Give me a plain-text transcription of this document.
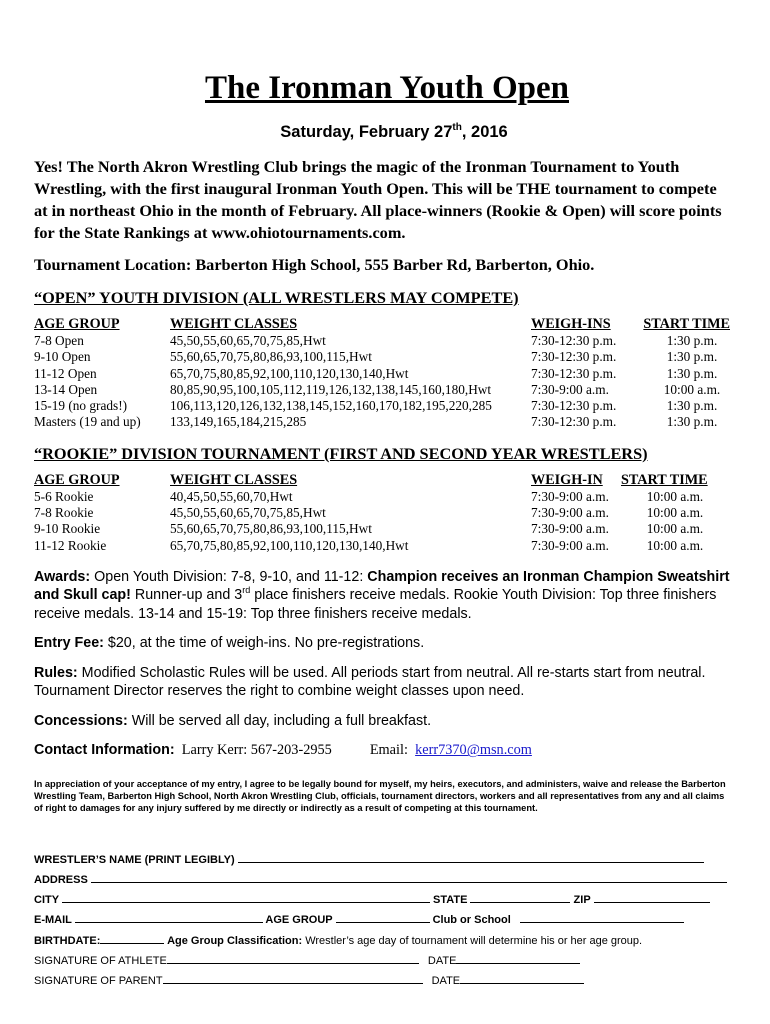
The Ironman Youth Open
Saturday, February 27th, 2016
Yes! The North Akron Wrestling Club brings the magic of the Ironman Tournament to Youth Wrestling, with the first inaugural Ironman Youth Open. This will be THE tournament to compete at in northeast Ohio in the month of February. All place-winners (Rookie & Open) will score points for the State Rankings at www.ohiotournaments.com.
Tournament Location: Barberton High School, 555 Barber Rd, Barberton, Ohio.
“OPEN” YOUTH DIVISION (ALL WRESTLERS MAY COMPETE)
AGE GROUP	WEIGHT CLASSES	WEIGH-INS	START TIME
7-8 Open	45,50,55,60,65,70,75,85,Hwt	7:30-12:30 p.m.	1:30 p.m.
9-10 Open	55,60,65,70,75,80,86,93,100,115,Hwt	7:30-12:30 p.m.	1:30 p.m.
11-12 Open	65,70,75,80,85,92,100,110,120,130,140,Hwt	7:30-12:30 p.m.	1:30 p.m.
13-14 Open	80,85,90,95,100,105,112,119,126,132,138,145,160,180,Hwt	7:30-9:00 a.m.	10:00 a.m.
15-19 (no grads!)	106,113,120,126,132,138,145,152,160,170,182,195,220,285	7:30-12:30 p.m.	1:30 p.m.
Masters (19 and up)	133,149,165,184,215,285	7:30-12:30 p.m.	1:30 p.m.
“ROOKIE” DIVISION TOURNAMENT (FIRST AND SECOND YEAR WRESTLERS)
AGE GROUP	WEIGHT CLASSES	WEIGH-IN	START TIME
5-6 Rookie	40,45,50,55,60,70,Hwt	7:30-9:00 a.m.	10:00 a.m.
7-8 Rookie	45,50,55,60,65,70,75,85,Hwt	7:30-9:00 a.m.	10:00 a.m.
9-10 Rookie	55,60,65,70,75,80,86,93,100,115,Hwt	7:30-9:00 a.m.	10:00 a.m.
11-12 Rookie	65,70,75,80,85,92,100,110,120,130,140,Hwt	7:30-9:00 a.m.	10:00 a.m.
Awards: Open Youth Division: 7-8, 9-10, and 11-12: Champion receives an Ironman Champion Sweatshirt and Skull cap! Runner-up and 3rd place finishers receive medals. Rookie Youth Division: Top three finishers receive medals. 13-14 and 15-19: Top three finishers receive medals.
Entry Fee: $20, at the time of weigh-ins. No pre-registrations.
Rules: Modified Scholastic Rules will be used. All periods start from neutral. All re-starts start from neutral. Tournament Director reserves the right to combine weight classes upon need.
Concessions: Will be served all day, including a full breakfast.
Contact Information: Larry Kerr: 567-203-2955	Email: kerr7370@msn.com
In appreciation of your acceptance of my entry, I agree to be legally bound for myself, my heirs, executors, and administers, waive and release the Barberton Wrestling Team, Barberton High School, North Akron Wrestling Club, officials, tournament directors, workers and all representatives from any and all claims of right to damages for any injury suffered by me directly or indirectly as a result of competing at this tournament.
WRESTLER’S NAME (PRINT LEGIBLY)
ADDRESS
CITY	STATE	ZIP
E-MAIL	AGE GROUP	Club or School
BIRTHDATE:	Age Group Classification: Wrestler’s age day of tournament will determine his or her age group.
SIGNATURE OF ATHLETE	DATE
SIGNATURE OF PARENT	DATE
